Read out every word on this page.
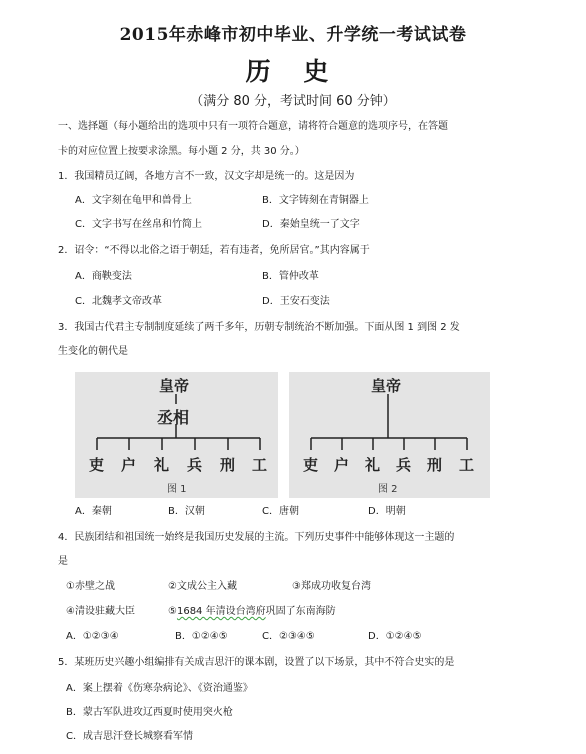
2015年赤峰市初中毕业、升学统一考试试卷
历 史
（满分 80 分，考试时间 60 分钟）
一、选择题（每小题给出的选项中只有一项符合题意，请将符合题意的选项序号，在答题
卡的对应位置上按要求涂黑。每小题 2 分，共 30 分。）
1．我国精员辽阔，各地方言不一致，汉文字却是统一的。这是因为
A．文字刻在龟甲和兽骨上	B．文字铸刻在青铜器上
C．文字书写在丝帛和竹简上	D．秦始皇统一了文字
2．诏令：“不得以北俗之语于朝廷，若有违者，免所居官。”其内容属于
A．商鞅变法	B．管仲改革
C．北魏孝文帝改革	D．王安石变法
3．我国古代君主专制制度延续了两千多年，历朝专制统治不断加强。下面从图 1 到图 2 发
生变化的朝代是
皇帝
丞相
吏 户 礼 兵 刑 工
图 1
皇帝
吏 户 礼 兵 刑 工
图 2
A．秦朝	B．汉朝	C．唐朝	D．明朝
4．民族团结和祖国统一始终是我国历史发展的主流。下列历史事件中能够体现这一主题的
是
①赤壁之战	②文成公主入藏	③郑成功收复台湾
④清设驻藏大臣	⑤1684 年清设台湾府巩固了东南海防
A．①②③④	B．①②④⑤	C．②③④⑤	D．①②④⑤
5．某班历史兴趣小组编排有关成吉思汗的课本剧，设置了以下场景，其中不符合史实的是
A．案上摆着《伤寒杂病论》、《资治通鉴》
B．蒙古军队进攻辽西夏时使用突火枪
C．成吉思汗登长城察看军情
